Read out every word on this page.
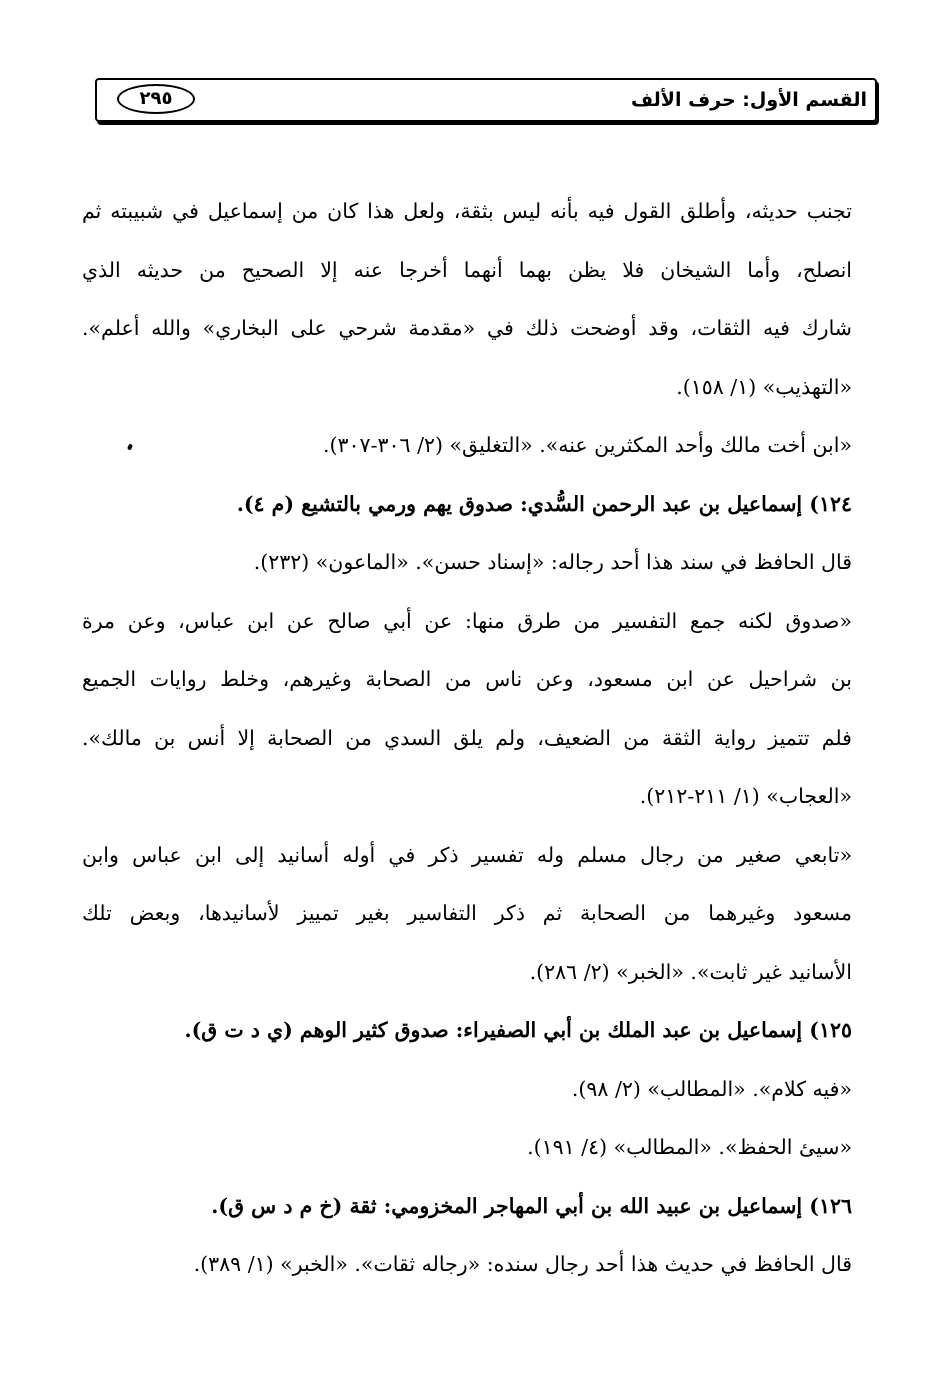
القسم الأول: حرف الألف
٢٩٥
تجنب حديثه، وأطلق القول فيه بأنه ليس بثقة، ولعل هذا كان من إسماعيل في شبيبته ثم
انصلح، وأما الشيخان فلا يظن بهما أنهما أخرجا عنه إلا الصحيح من حديثه الذي
شارك فيه الثقات، وقد أوضحت ذلك في «مقدمة شرحي على البخاري» والله أعلم».
«التهذيب» (١/ ١٥٨).
«ابن أخت مالك وأحد المكثرين عنه». «التغليق» (٢/ ٣٠٦-٣٠٧).
١٢٤) إسماعيل بن عبد الرحمن السُّدي: صدوق يهم ورمي بالتشيع (م ٤).
قال الحافظ في سند هذا أحد رجاله: «إسناد حسن». «الماعون» (٢٣٢).
«صدوق لكنه جمع التفسير من طرق منها: عن أبي صالح عن ابن عباس، وعن مرة
بن شراحيل عن ابن مسعود، وعن ناس من الصحابة وغيرهم، وخلط روايات الجميع
فلم تتميز رواية الثقة من الضعيف، ولم يلق السدي من الصحابة إلا أنس بن مالك».
«العجاب» (١/ ٢١١-٢١٢).
«تابعي صغير من رجال مسلم وله تفسير ذكر في أوله أسانيد إلى ابن عباس وابن
مسعود وغيرهما من الصحابة ثم ذكر التفاسير بغير تمييز لأسانيدها، وبعض تلك
الأسانيد غير ثابت». «الخبر» (٢/ ٢٨٦).
١٢٥) إسماعيل بن عبد الملك بن أبي الصفيراء: صدوق كثير الوهم (ي د ت ق).
«فيه كلام». «المطالب» (٢/ ٩٨).
«سيئ الحفظ». «المطالب» (٤/ ١٩١).
١٢٦) إسماعيل بن عبيد الله بن أبي المهاجر المخزومي: ثقة (خ م د س ق).
قال الحافظ في حديث هذا أحد رجال سنده: «رجاله ثقات». «الخبر» (١/ ٣٨٩).
